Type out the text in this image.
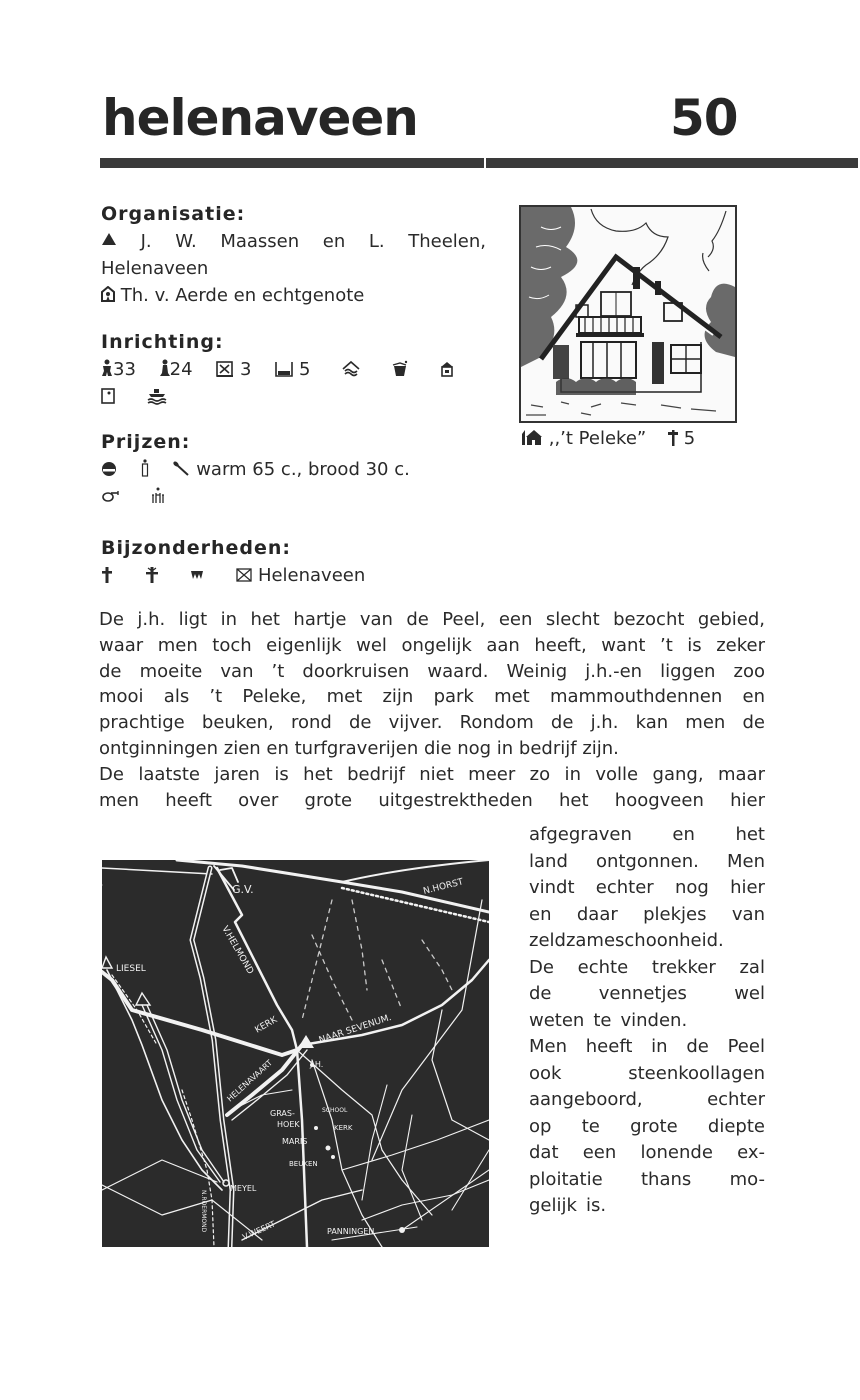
helenaveen	50

Organisatie:

J. W. Maassen en L. Theelen,
Helenaveen
Th. v. Aerde en echtgenote

Inrichting:

33 24	3	5

Prijzen:

warm 65 c., brood 30 c.

Bijzonderheden:

Helenaveen
,,’t Peleke” 5
De j.h. ligt in het hartje van de Peel, een slecht bezocht gebied,
waar men toch eigenlijk wel ongelijk aan heeft, want ’t is zeker
de moeite van ’t doorkruisen waard. Weinig j.h.-en liggen zoo
mooi als ’t Peleke, met zijn park met mammouthdennen en
prachtige beuken, rond de vijver. Rondom de j.h. kan men de
ontginningen zien en turfgraverijen die nog in bedrijf zijn.
De laatste jaren is het bedrijf niet meer zo in volle gang, maar
men heeft over grote uitgestrektheden het hoogveen hier
afgegraven en het
land ontgonnen. Men
vindt echter nog hier
en daar plekjes van
zeldzameschoonheid.
De echte trekker zal
de	vennetjes	wel
weten te vinden.
Men heeft in de Peel
ook	steenkoollagen
aangeboord,	echter
op te grote diepte
dat een lonende ex-
ploitatie thans mo-
gelijk is.
G.V.	N.HORST
V.HELMOND
LIESEL
KERK	NAAR SEVENUM.
J.H.
HELENAVAART
GRAS-
HOEK
SCHOOL
KERK
MARIS
BEUKEN
MEYEL
N.ROERMOND	V.WEERT	PANNINGEN
